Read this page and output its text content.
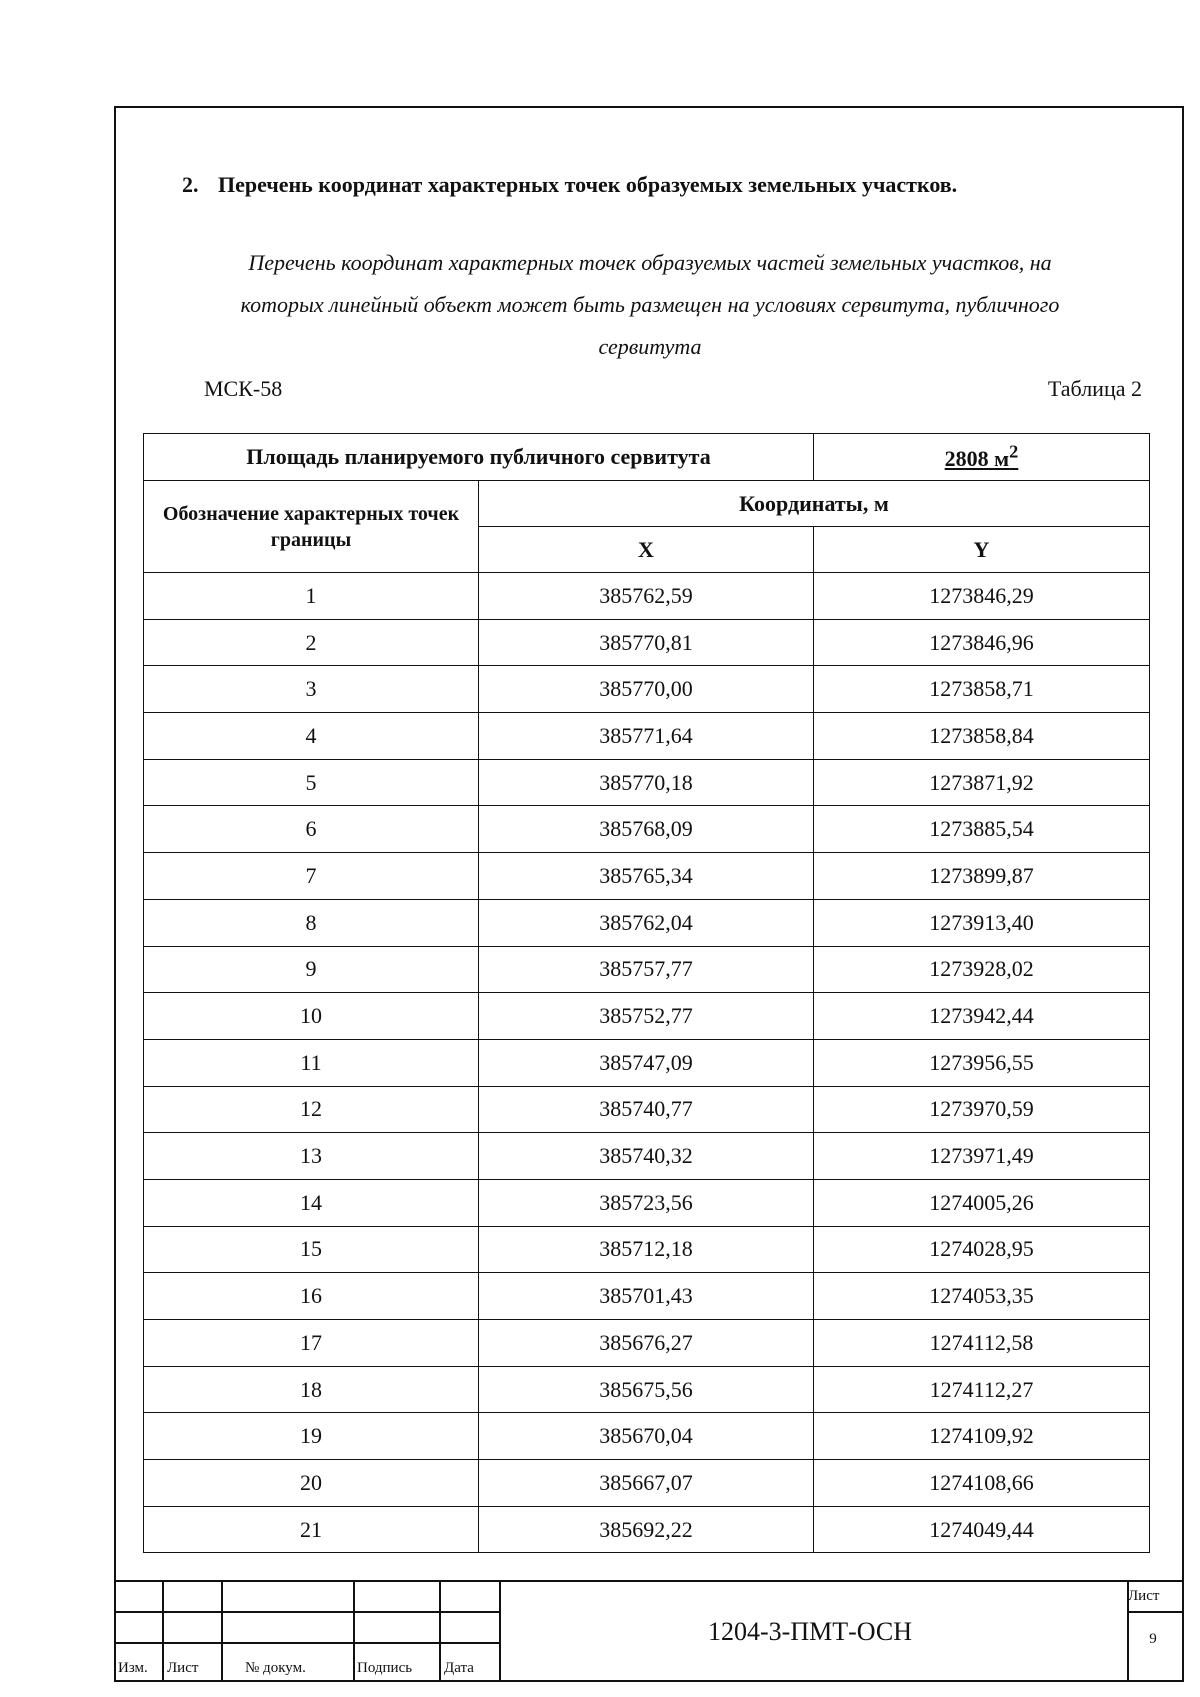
2. Перечень координат характерных точек образуемых земельных участков.
Перечень координат характерных точек образуемых частей земельных участков, на
которых линейный объект может быть размещен на условиях сервитута, публичного
сервитута
МСК-58	Таблица 2
Площадь планируемого публичного сервитута		2808 $м^2$
Обозначение характерных точек границы	Координаты, м	
	X	Y
1	385762,59	1273846,29
2	385770,81	1273846,96
3	385770,00	1273858,71
4	385771,64	1273858,84
5	385770,18	1273871,92
6	385768,09	1273885,54
7	385765,34	1273899,87
8	385762,04	1273913,40
9	385757,77	1273928,02
10	385752,77	1273942,44
11	385747,09	1273956,55
12	385740,77	1273970,59
13	385740,32	1273971,49
14	385723,56	1274005,26
15	385712,18	1274028,95
16	385701,43	1274053,35
17	385676,27	1274112,58
18	385675,56	1274112,27
19	385670,04	1274109,92
20	385667,07	1274108,66
21	385692,22	1274049,44
Изм. Лист	№ докум.	Подпись Дата
1204-3-ПМТ-ОСН
Лист
9
